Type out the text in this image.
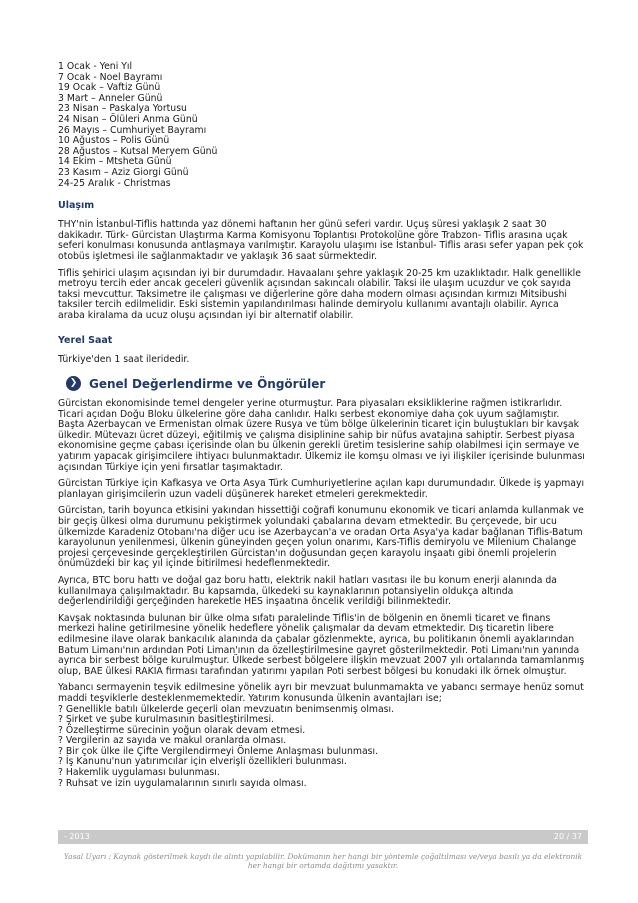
1 Ocak - Yeni Yıl
7 Ocak - Noel Bayramı
19 Ocak – Vaftiz Günü
3 Mart – Anneler Günü
23 Nisan – Paskalya Yortusu
24 Nisan – Ölüleri Anma Günü
26 Mayıs – Cumhuriyet Bayramı
10 Ağustos – Polis Günü
28 Ağustos – Kutsal Meryem Günü
14 Ekim – Mtsheta Günü
23 Kasım – Aziz Giorgi Günü
24-25 Aralık - Christmas
Ulaşım

THY'nin İstanbul-Tiflis hattında yaz dönemi haftanın her günü seferi vardır. Uçuş süresi yaklaşık 2 saat 30 dakikadır. Türk- Gürcistan Ulaştırma Karma Komisyonu Toplantısı Protokolüne göre Trabzon- Tiflis arasına uçak seferi konulması konusunda antlaşmaya varılmıştır. Karayolu ulaşımı ise İstanbul- Tiflis arası sefer yapan pek çok otobüs işletmesi ile sağlanmaktadır ve yaklaşık 36 saat sürmektedir.

Tiflis şehirici ulaşım açısından iyi bir durumdadır. Havaalanı şehre yaklaşık 20-25 km uzaklıktadır. Halk genellikle metroyu tercih eder ancak geceleri güvenlik açısından sakıncalı olabilir. Taksi ile ulaşım ucuzdur ve çok sayıda taksi mevcuttur. Taksimetre ile çalışması ve diğerlerine göre daha modern olması açısından kırmızı Mitsibushi taksiler tercih edilmelidir. Eski sistemin yapılandırılması halinde demiryolu kullanımı avantajlı olabilir. Ayrıca araba kiralama da ucuz oluşu açısından iyi bir alternatif olabilir.

Yerel Saat

Türkiye'den 1 saat ileridedir.

❯ Genel Değerlendirme ve Öngörüler

Gürcistan ekonomisinde temel dengeler yerine oturmuştur. Para piyasaları eksikliklerine rağmen istikrarlıdır. Ticari açıdan Doğu Bloku ülkelerine göre daha canlıdır. Halkı serbest ekonomiye daha çok uyum sağlamıştır. Başta Azerbaycan ve Ermenistan olmak üzere Rusya ve tüm bölge ülkelerinin ticaret için buluştukları bir kavşak ülkedir. Mütevazı ücret düzeyi, eğitilmiş ve çalışma disiplinine sahip bir nüfus avatajına sahiptir. Serbest piyasa ekonomisine geçme çabası içerisinde olan bu ülkenin gerekli üretim tesislerine sahip olabilmesi için sermaye ve yatırım yapacak girişimcilere ihtiyacı bulunmaktadır. Ülkemiz ile komşu olması ve iyi ilişkiler içerisinde bulunması açısından Türkiye için yeni fırsatlar taşımaktadır.

Gürcistan Türkiye için Kafkasya ve Orta Asya Türk Cumhuriyetlerine açılan kapı durumundadır. Ülkede iş yapmayı planlayan girişimcilerin uzun vadeli düşünerek hareket etmeleri gerekmektedir.

Gürcistan, tarih boyunca etkisini yakından hissettiği coğrafi konumunu ekonomik ve ticari anlamda kullanmak ve bir geçiş ülkesi olma durumunu pekiştirmek yolundaki çabalarına devam etmektedir. Bu çerçevede, bir ucu ülkemizde Karadeniz Otobanı'na diğer ucu ise Azerbaycan'a ve oradan Orta Asya'ya kadar bağlanan Tiflis-Batum karayolunun yenilenmesi, ülkenin güneyinden geçen yolun onarımı, Kars-Tiflis demiryolu ve Milenium Chalange projesi çerçevesinde gerçekleştirilen Gürcistan'ın doğusundan geçen karayolu inşaatı gibi önemli projelerin önümüzdeki bir kaç yıl içinde bitirilmesi hedeflenmektedir.

Ayrıca, BTC boru hattı ve doğal gaz boru hattı, elektrik nakil hatları vasıtası ile bu konum enerji alanında da kullanılmaya çalışılmaktadır. Bu kapsamda, ülkedeki su kaynaklarının potansiyelin oldukça altında değerlendirildiği gerçeğinden hareketle HES inşaatına öncelik verildiği bilinmektedir.

Kavşak noktasında bulunan bir ülke olma sıfatı paralelinde Tiflis'in de bölgenin en önemli ticaret ve finans merkezi haline getirilmesine yönelik hedeflere yönelik çalışmalar da devam etmektedir. Dış ticaretin libere edilmesine ilave olarak bankacılık alanında da çabalar gözlenmekte, ayrıca, bu politikanın önemli ayaklarından Batum Limanı'nın ardından Poti Liman'ının da özelleştirilmesine gayret gösterilmektedir. Poti Limanı'nın yanında ayrıca bir serbest bölge kurulmuştur. Ülkede serbest bölgelere ilişkin mevzuat 2007 yılı ortalarında tamamlanmış olup, BAE ülkesi RAKIA firması tarafından yatırımı yapılan Poti serbest bölgesi bu konudaki ilk örnek olmuştur.

Yabancı sermayenin teşvik edilmesine yönelik ayrı bir mevzuat bulunmamakta ve yabancı sermaye henüz somut maddi teşviklerle desteklenmemektedir. Yatırım konusunda ülkenin avantajları ise;

? Genellikle batılı ülkelerde geçerli olan mevzuatın benimsenmiş olması.
? Şirket ve şube kurulmasının basitleştirilmesi.
? Özelleştirme sürecinin yoğun olarak devam etmesi.
? Vergilerin az sayıda ve makul oranlarda olması.
? Bir çok ülke ile Çifte Vergilendirmeyi Önleme Anlaşması bulunması.
? İş Kanunu'nun yatırımcılar için elverişli özellikleri bulunması.
? Hakemlik uygulaması bulunması.
? Ruhsat ve izin uygulamalarının sınırlı sayıda olması.
- 2013	20 / 37
Yasal Uyarı : Kaynak gösterilmek kaydı ile alıntı yapılabilir. Dokümanın her hangi bir yöntemle çoğaltılması ve/veya basılı ya da elektronik her hangi bir ortamda dağıtımı yasaktır.
